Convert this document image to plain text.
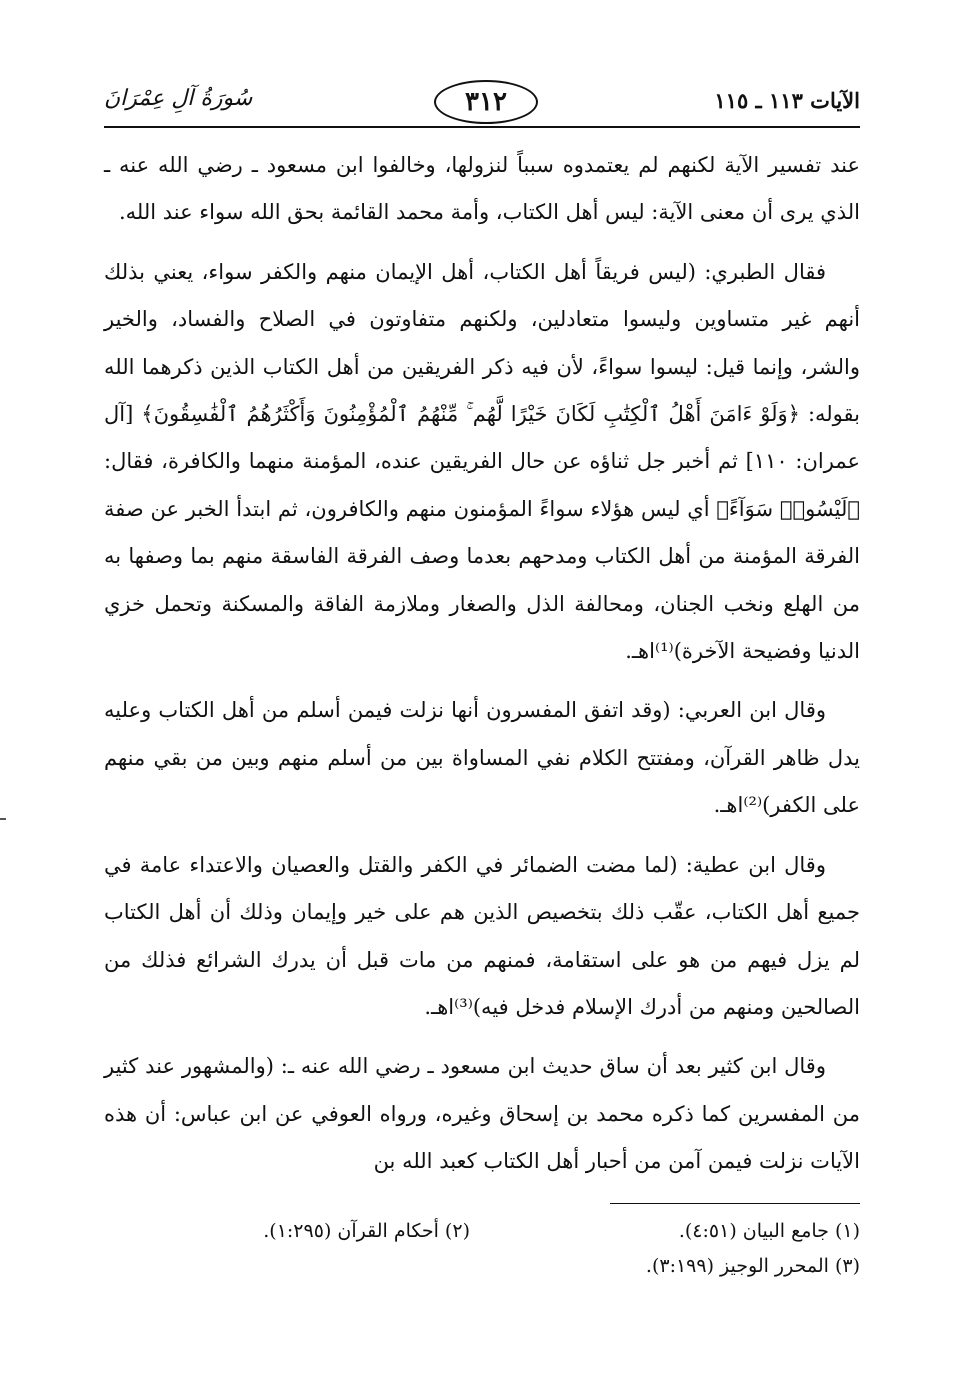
الآيات ١١٣ ـ ١١٥
٣١٢
سُورَةُ آلِ عِمْرَانَ

عند تفسير الآية لكنهم لم يعتمدوه سبباً لنزولها، وخالفوا ابن مسعود ـ رضي الله عنه ـ الذي يرى أن معنى الآية: ليس أهل الكتاب، وأمة محمد القائمة بحق الله سواء عند الله.

فقال الطبري: (ليس فريقاً أهل الكتاب، أهل الإيمان منهم والكفر سواء، يعني بذلك أنهم غير متساوين وليسوا متعادلين، ولكنهم متفاوتون في الصلاح والفساد، والخير والشر، وإنما قيل: ليسوا سواءً، لأن فيه ذكر الفريقين من أهل الكتاب الذين ذكرهما الله بقوله: ﴿وَلَوْ ءَامَنَ أَهْلُ ٱلْكِتَٰبِ لَكَانَ خَيْرًا لَّهُم ۚ مِّنْهُمُ ٱلْمُؤْمِنُونَ وَأَكْثَرُهُمُ ٱلْفَٰسِقُونَ﴾ [آل عمران: ١١٠] ثم أخبر جل ثناؤه عن حال الفريقين عنده، المؤمنة منهما والكافرة، فقال: ﴿لَيْسُوا۟ سَوَآءً﴾ أي ليس هؤلاء سواءً المؤمنون منهم والكافرون، ثم ابتدأ الخبر عن صفة الفرقة المؤمنة من أهل الكتاب ومدحهم بعدما وصف الفرقة الفاسقة منهم بما وصفها به من الهلع ونخب الجنان، ومحالفة الذل والصغار وملازمة الفاقة والمسكنة وتحمل خزي الدنيا وفضيحة الآخرة)⁽¹⁾اهـ.

وقال ابن العربي: (وقد اتفق المفسرون أنها نزلت فيمن أسلم من أهل الكتاب وعليه يدل ظاهر القرآن، ومفتتح الكلام نفي المساواة بين من أسلم منهم وبين من بقي منهم على الكفر)⁽²⁾اهـ.

وقال ابن عطية: (لما مضت الضمائر في الكفر والقتل والعصيان والاعتداء عامة في جميع أهل الكتاب، عقّب ذلك بتخصيص الذين هم على خير وإيمان وذلك أن أهل الكتاب لم يزل فيهم من هو على استقامة، فمنهم من مات قبل أن يدرك الشرائع فذلك من الصالحين ومنهم من أدرك الإسلام فدخل فيه)⁽³⁾اهـ.

وقال ابن كثير بعد أن ساق حديث ابن مسعود ـ رضي الله عنه ـ: (والمشهور عند كثير من المفسرين كما ذكره محمد بن إسحاق وغيره، ورواه العوفي عن ابن عباس: أن هذه الآيات نزلت فيمن آمن من أحبار أهل الكتاب كعبد الله بن

(١) جامع البيان (٤:٥١).
(٢) أحكام القرآن (١:٢٩٥).
(٣) المحرر الوجيز (٣:١٩٩).
